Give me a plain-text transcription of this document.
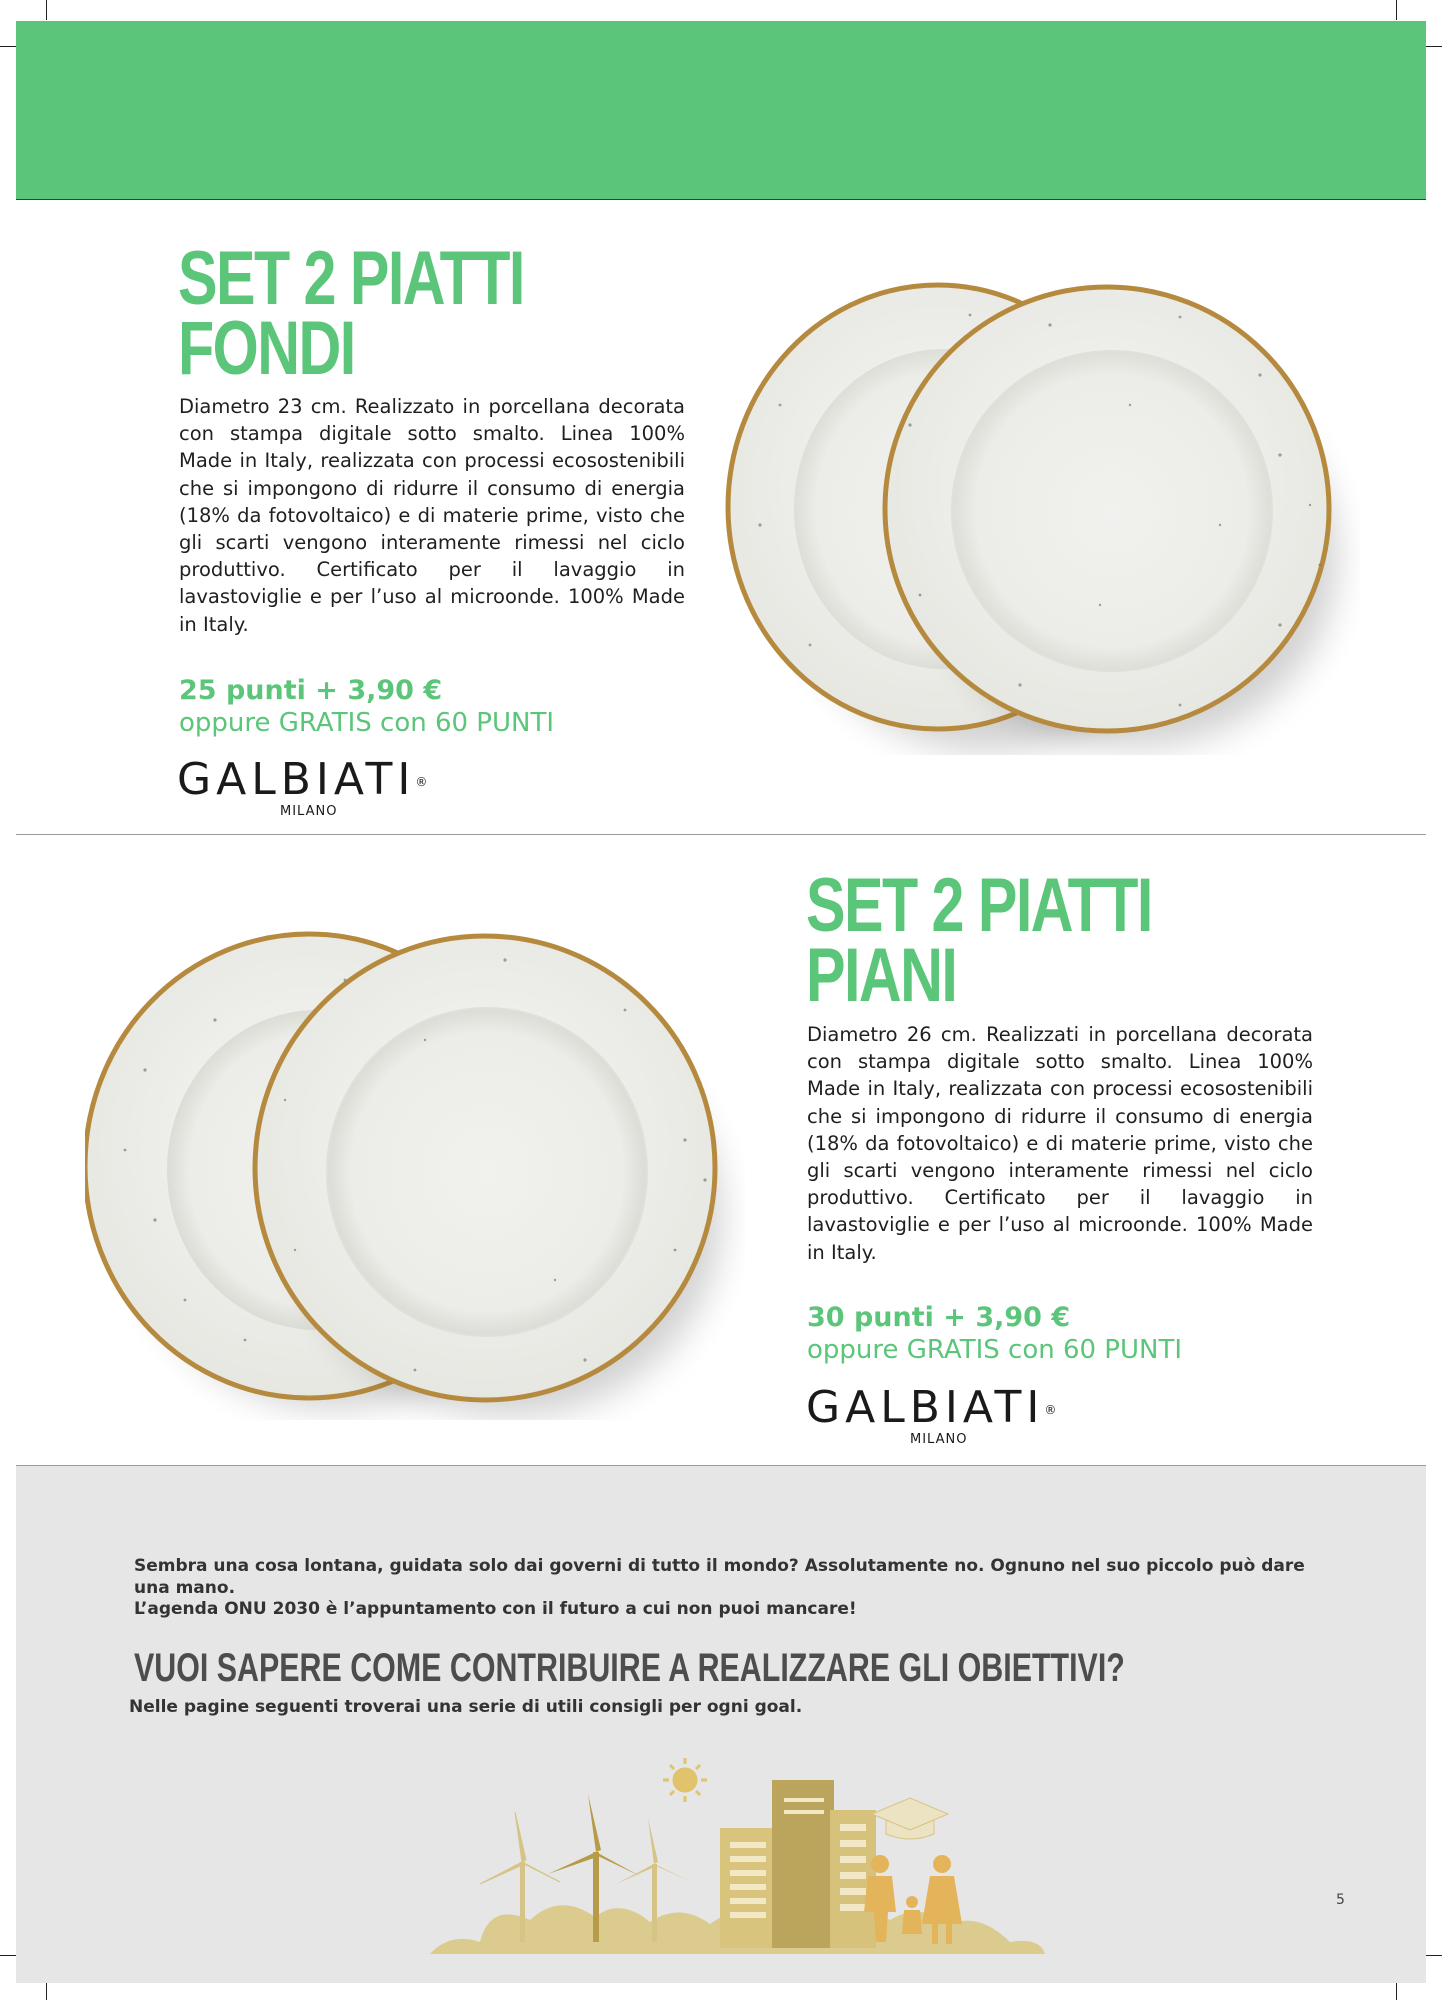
SET 2 PIATTI
FONDI

Diametro 23 cm. Realizzato in porcellana decorata con stampa digitale sotto smalto. Linea 100% Made in Italy, realizzata con processi ecosostenibili che si impongono di ridurre il consumo di energia (18% da fotovoltaico) e di materie prime, visto che gli scarti vengono interamente rimessi nel ciclo produttivo. Certificato per il lavaggio in lavastoviglie e per l’uso al microonde. 100% Made in Italy.

25 punti + 3,90 €
oppure GRATIS con 60 PUNTI
GALBIATI®
MILANO
SET 2 PIATTI
PIANI

Diametro 26 cm. Realizzati in porcellana decorata con stampa digitale sotto smalto. Linea 100% Made in Italy, realizzata con processi ecosostenibili che si impongono di ridurre il consumo di energia (18% da fotovoltaico) e di materie prime, visto che gli scarti vengono interamente rimessi nel ciclo produttivo. Certificato per il lavaggio in lavastoviglie e per l’uso al microonde. 100% Made in Italy.

30 punti + 3,90 €
oppure GRATIS con 60 PUNTI
GALBIATI®
MILANO

Sembra una cosa lontana, guidata solo dai governi di tutto il mondo? Assolutamente no. Ognuno nel suo piccolo può dare una mano.

L’agenda ONU 2030 è l’appuntamento con il futuro a cui non puoi mancare!

VUOI SAPERE COME CONTRIBUIRE A REALIZZARE GLI OBIETTIVI?
Nelle pagine seguenti troverai una serie di utili consigli per ogni goal.
5
